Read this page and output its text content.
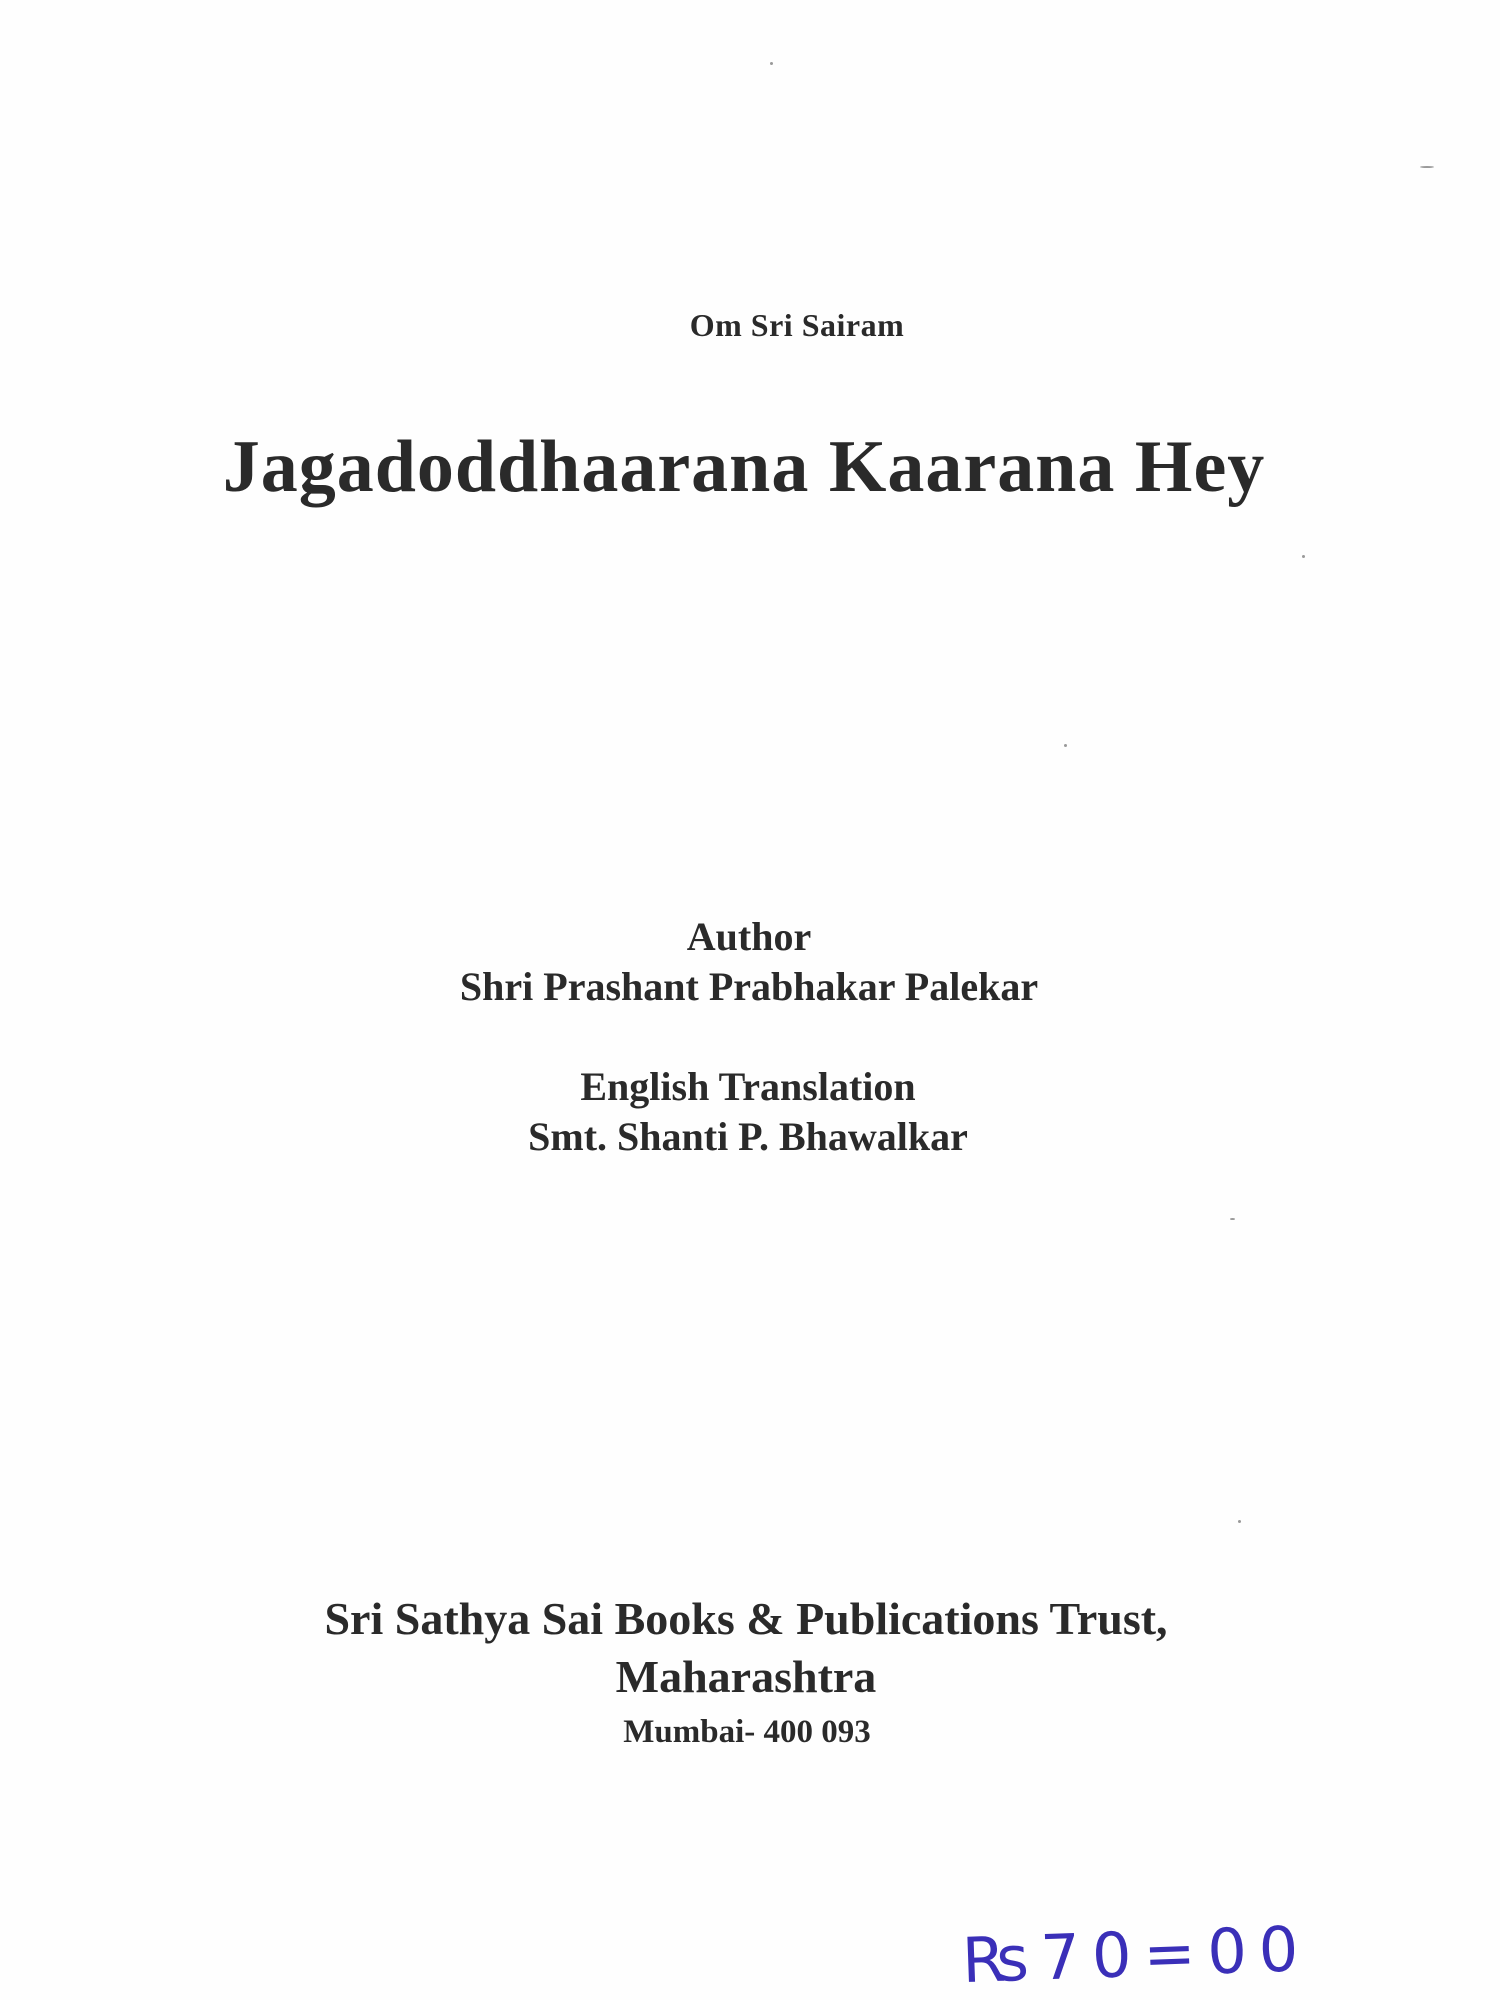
Om Sri Sairam
Jagadoddhaarana Kaarana Hey
Author
Shri Prashant Prabhakar Palekar
English Translation
Smt. Shanti P. Bhawalkar
Sri Sathya Sai Books & Publications Trust,
Maharashtra
Mumbai- 400 093
₨70=00
